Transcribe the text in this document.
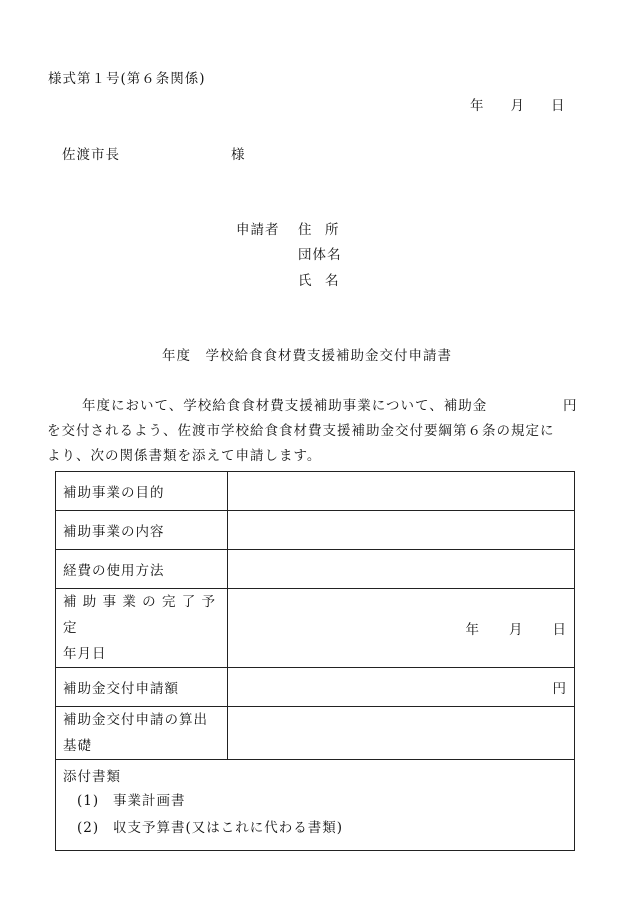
様式第１号(第６条関係)
年　　月　　日
佐渡市長	様
申請者 住　所
団体名
氏　名
年度　学校給食食材費支援補助金交付申請書
年度において、学校給食食材費支援補助事業について、補助金	円
を交付されるよう、佐渡市学校給食食材費支援補助金交付要綱第６条の規定に
より、次の関係書類を添えて申請します。
補助事業の目的	
補助事業の内容	
経費の使用方法	

補 助 事 業 の 完 了 予 定
年月日	年　　月　　日
補助金交付申請額	円

補助金交付申請の算出
基礎	

添付書類
(1) 事業計画書
(2) 収支予算書(又はこれに代わる書類)	
